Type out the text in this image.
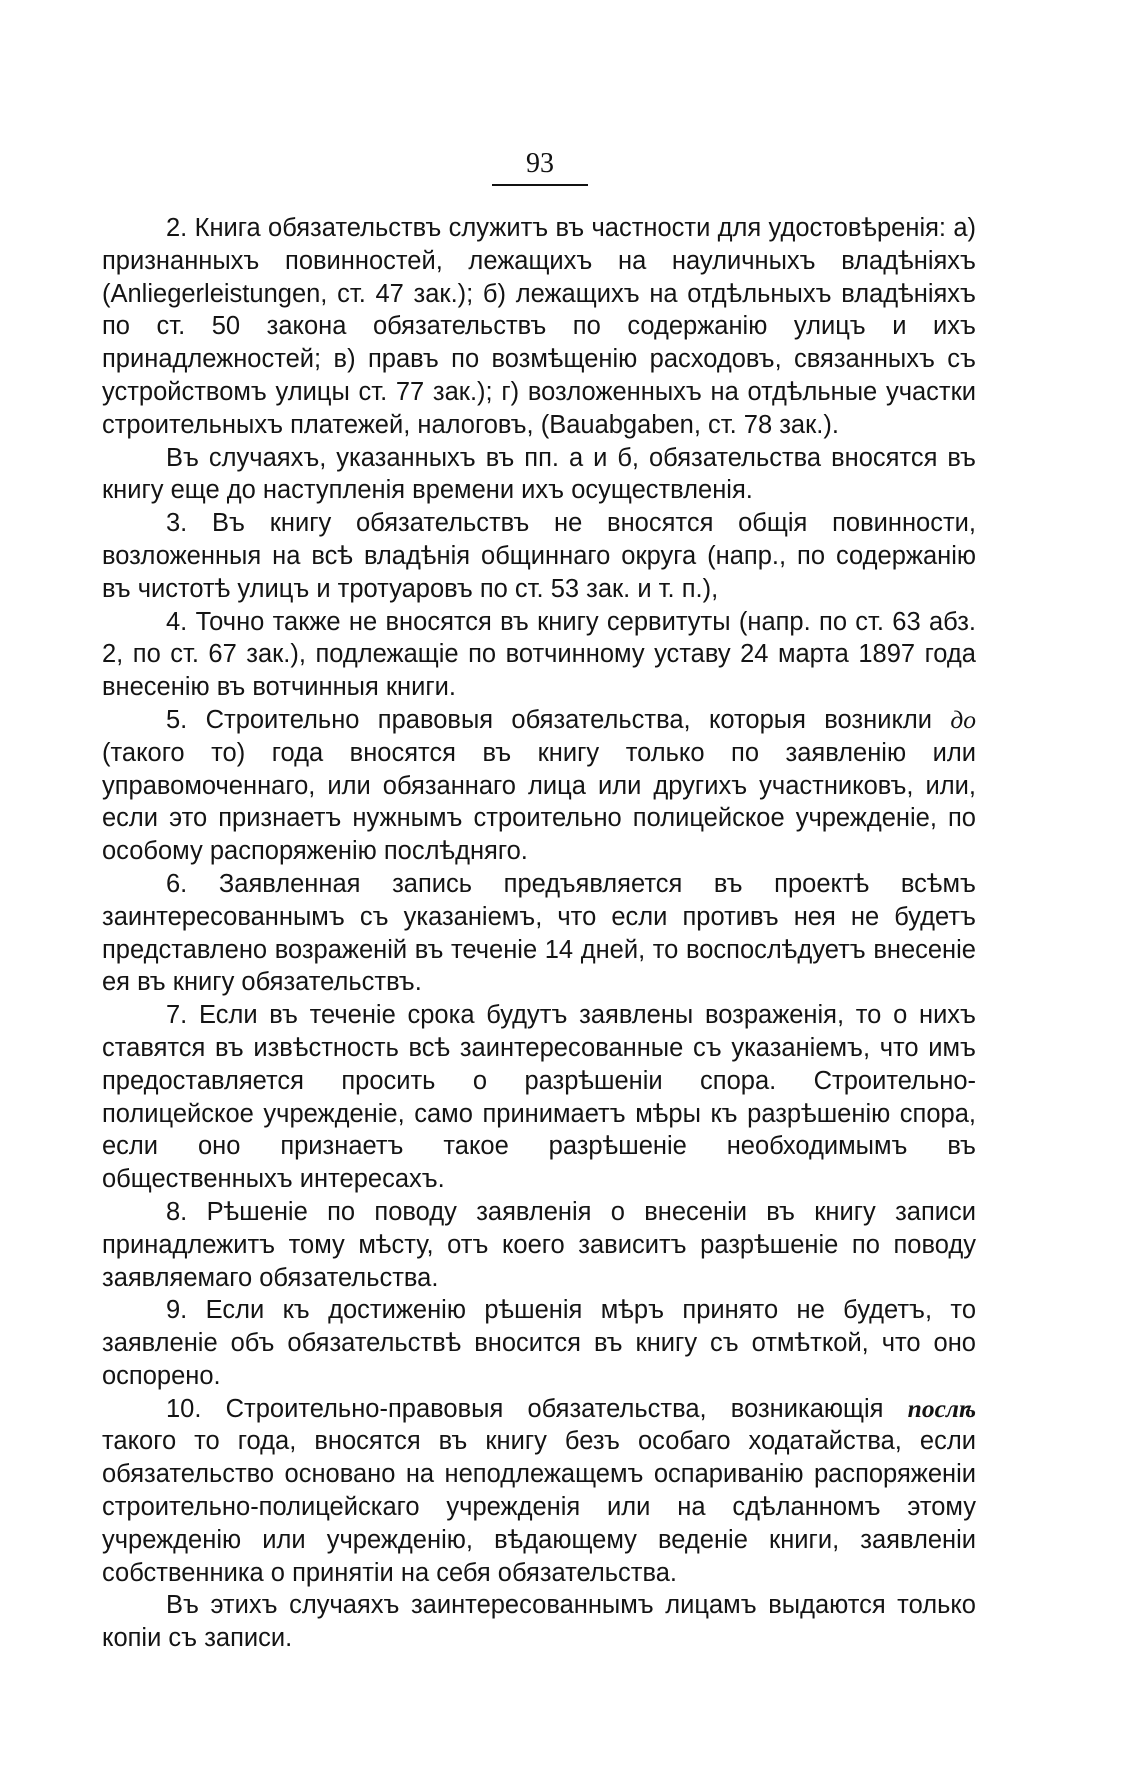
93

2. Книга обязательствъ служитъ въ частности для удостовѣренія: а) признанныхъ повинностей, лежащихъ на науличныхъ владѣніяхъ (Anliegerleistungen, ст. 47 зак.); б) лежащихъ на отдѣльныхъ владѣніяхъ по ст. 50 закона обязательствъ по содержанію улицъ и ихъ принадлежностей; в) правъ по возмѣщенію расходовъ, связанныхъ съ устройствомъ улицы ст. 77 зак.); г) возложенныхъ на отдѣльные участки строительныхъ платежей, налоговъ, (Bauabgaben, ст. 78 зак.).

Въ случаяхъ, указанныхъ въ пп. а и б, обязательства вносятся въ книгу еще до наступленія времени ихъ осуществленія.

3. Въ книгу обязательствъ не вносятся общія повинности, возложенныя на всѣ владѣнія общиннаго округа (напр., по содержанію въ чистотѣ улицъ и тротуаровъ по ст. 53 зак. и т. п.),

4. Точно также не вносятся въ книгу сервитуты (напр. по ст. 63 абз. 2, по ст. 67 зак.), подлежащіе по вотчинному уставу 24 марта 1897 года внесенію въ вотчинныя книги.

5. Строительно правовыя обязательства, которыя возникли до (такого то) года вносятся въ книгу только по заявленію или управомоченнаго, или обязаннаго лица или другихъ участниковъ, или, если это признаетъ нужнымъ строительно полицейское учрежденіе, по особому распоряженію послѣдняго.

6. Заявленная запись предъявляется въ проектѣ всѣмъ заинтересованнымъ съ указаніемъ, что если противъ нея не будетъ представлено возраженій въ теченіе 14 дней, то воспослѣдуетъ внесеніе ея въ книгу обязательствъ.

7. Если въ теченіе срока будутъ заявлены возраженія, то о нихъ ставятся въ извѣстность всѣ заинтересованные съ указаніемъ, что имъ предоставляется просить о разрѣшеніи спора. Строительно-полицейское учрежденіе, само принимаетъ мѣры къ разрѣшенію спора, если оно признаетъ такое разрѣшеніе необходимымъ въ общественныхъ интересахъ.

8. Рѣшеніе по поводу заявленія о внесеніи въ книгу записи принадлежитъ тому мѣсту, отъ коего зависитъ разрѣшеніе по поводу заявляемаго обязательства.

9. Если къ достиженію рѣшенія мѣръ принято не будетъ, то заявленіе объ обязательствѣ вносится въ книгу съ отмѣткой, что оно оспорено.

10. Строительно-правовыя обязательства, возникающія послѣ такого то года, вносятся въ книгу безъ особаго ходатайства, если обязательство основано на неподлежащемъ оспариванію распоряженіи строительно-полицейскаго учрежденія или на сдѣланномъ этому учрежденію или учрежденію, вѣдающему веденіе книги, заявленіи собственника о принятіи на себя обязательства.

Въ этихъ случаяхъ заинтересованнымъ лицамъ выдаются только копіи съ записи.
